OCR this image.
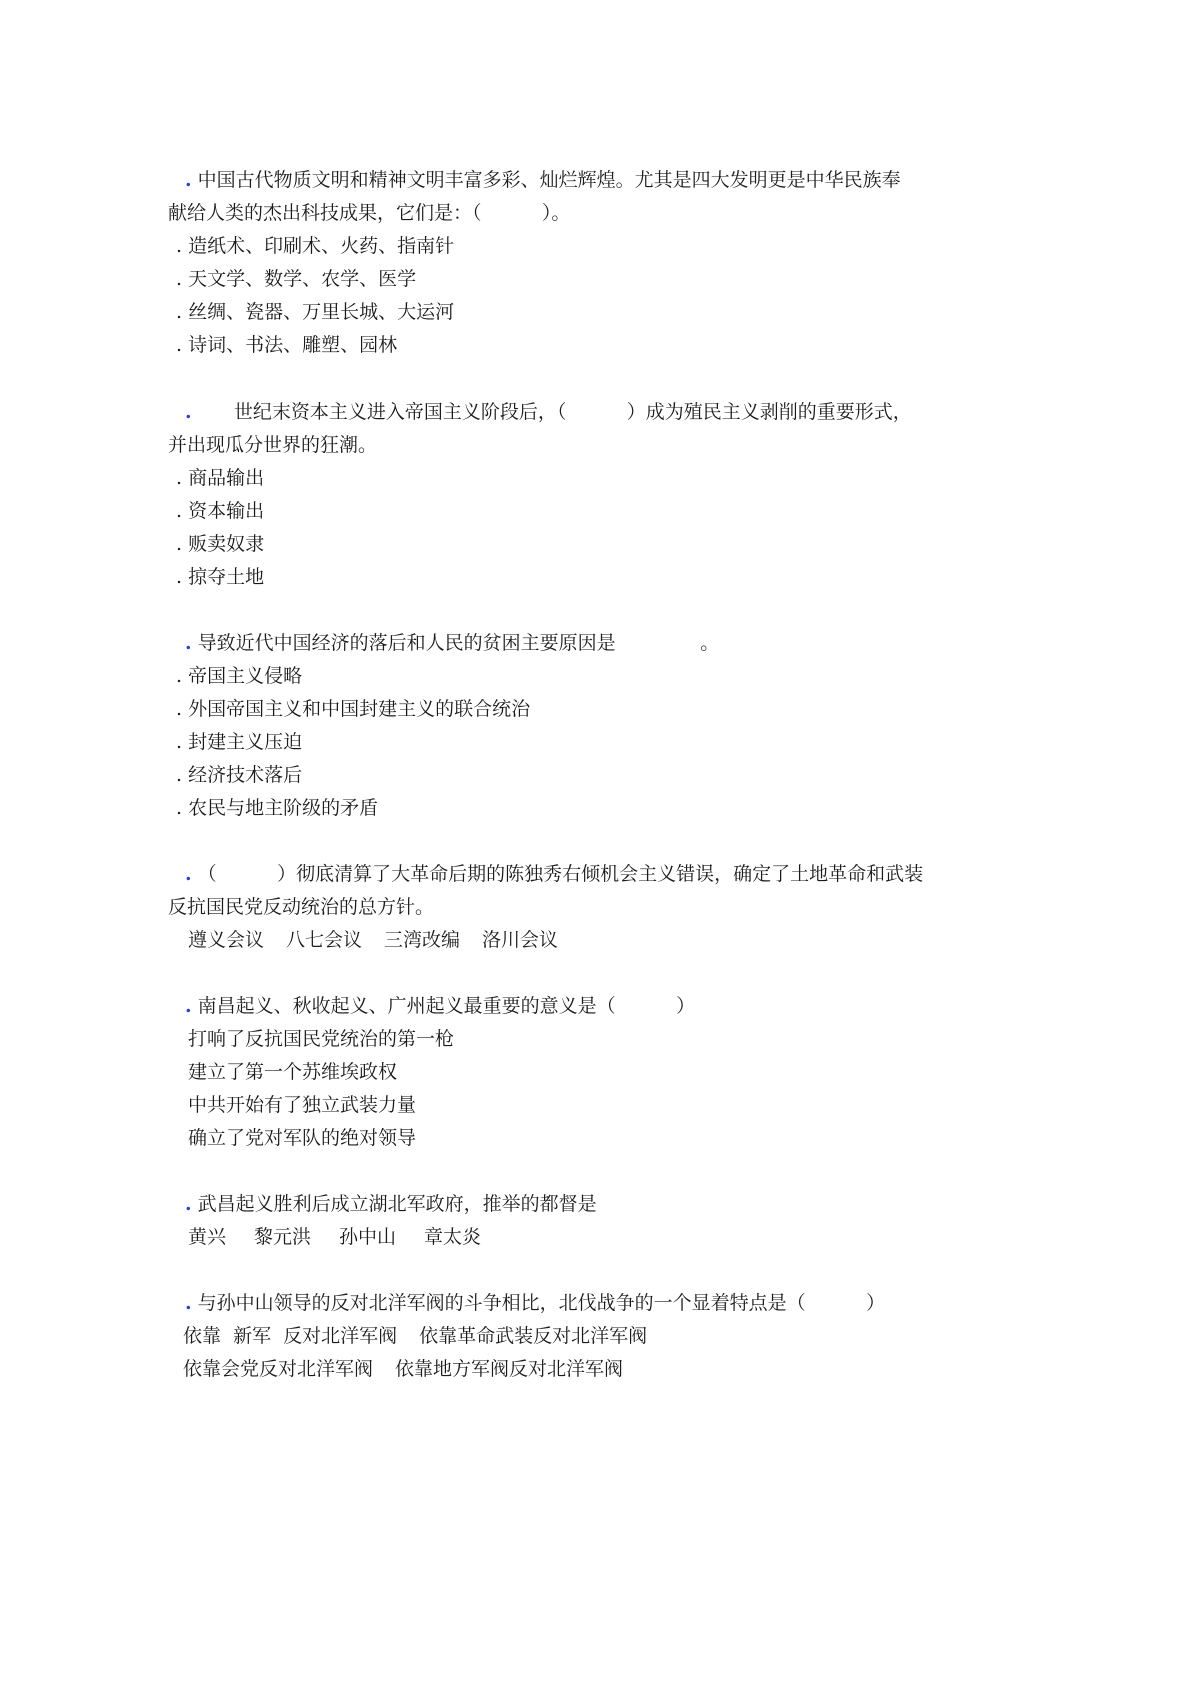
. 中国古代物质文明和精神文明丰富多彩、灿烂辉煌。尤其是四大发明更是中华民族奉
献给人类的杰出科技成果，它们是：（          ）。
. 造纸术、印刷术、火药、指南针
. 天文学、数学、农学、医学
. 丝绸、瓷器、万里长城、大运河
. 诗词、书法、雕塑、园林
.       世纪末资本主义进入帝国主义阶段后，（          ）成为殖民主义剥削的重要形式，
并出现瓜分世界的狂潮。
. 商品输出
. 资本输出
. 贩卖奴隶
. 掠夺土地
. 导致近代中国经济的落后和人民的贫困主要原因是              。
. 帝国主义侵略
. 外国帝国主义和中国封建主义的联合统治
. 封建主义压迫
. 经济技术落后
. 农民与地主阶级的矛盾
. （          ）彻底清算了大革命后期的陈独秀右倾机会主义错误，确定了土地革命和武装
反抗国民党反动统治的总方针。
遵义会议 八七会议 三湾改编 洛川会议
. 南昌起义、秋收起义、广州起义最重要的意义是（          ）
打响了反抗国民党统治的第一枪
建立了第一个苏维埃政权
中共开始有了独立武装力量
确立了党对军队的绝对领导
. 武昌起义胜利后成立湖北军政府，推举的都督是
黄兴 黎元洪 孙中山 章太炎
. 与孙中山领导的反对北洋军阀的斗争相比，北伐战争的一个显着特点是（          ）
依靠  新军  反对北洋军阀 依靠革命武装反对北洋军阀
依靠会党反对北洋军阀 依靠地方军阀反对北洋军阀
